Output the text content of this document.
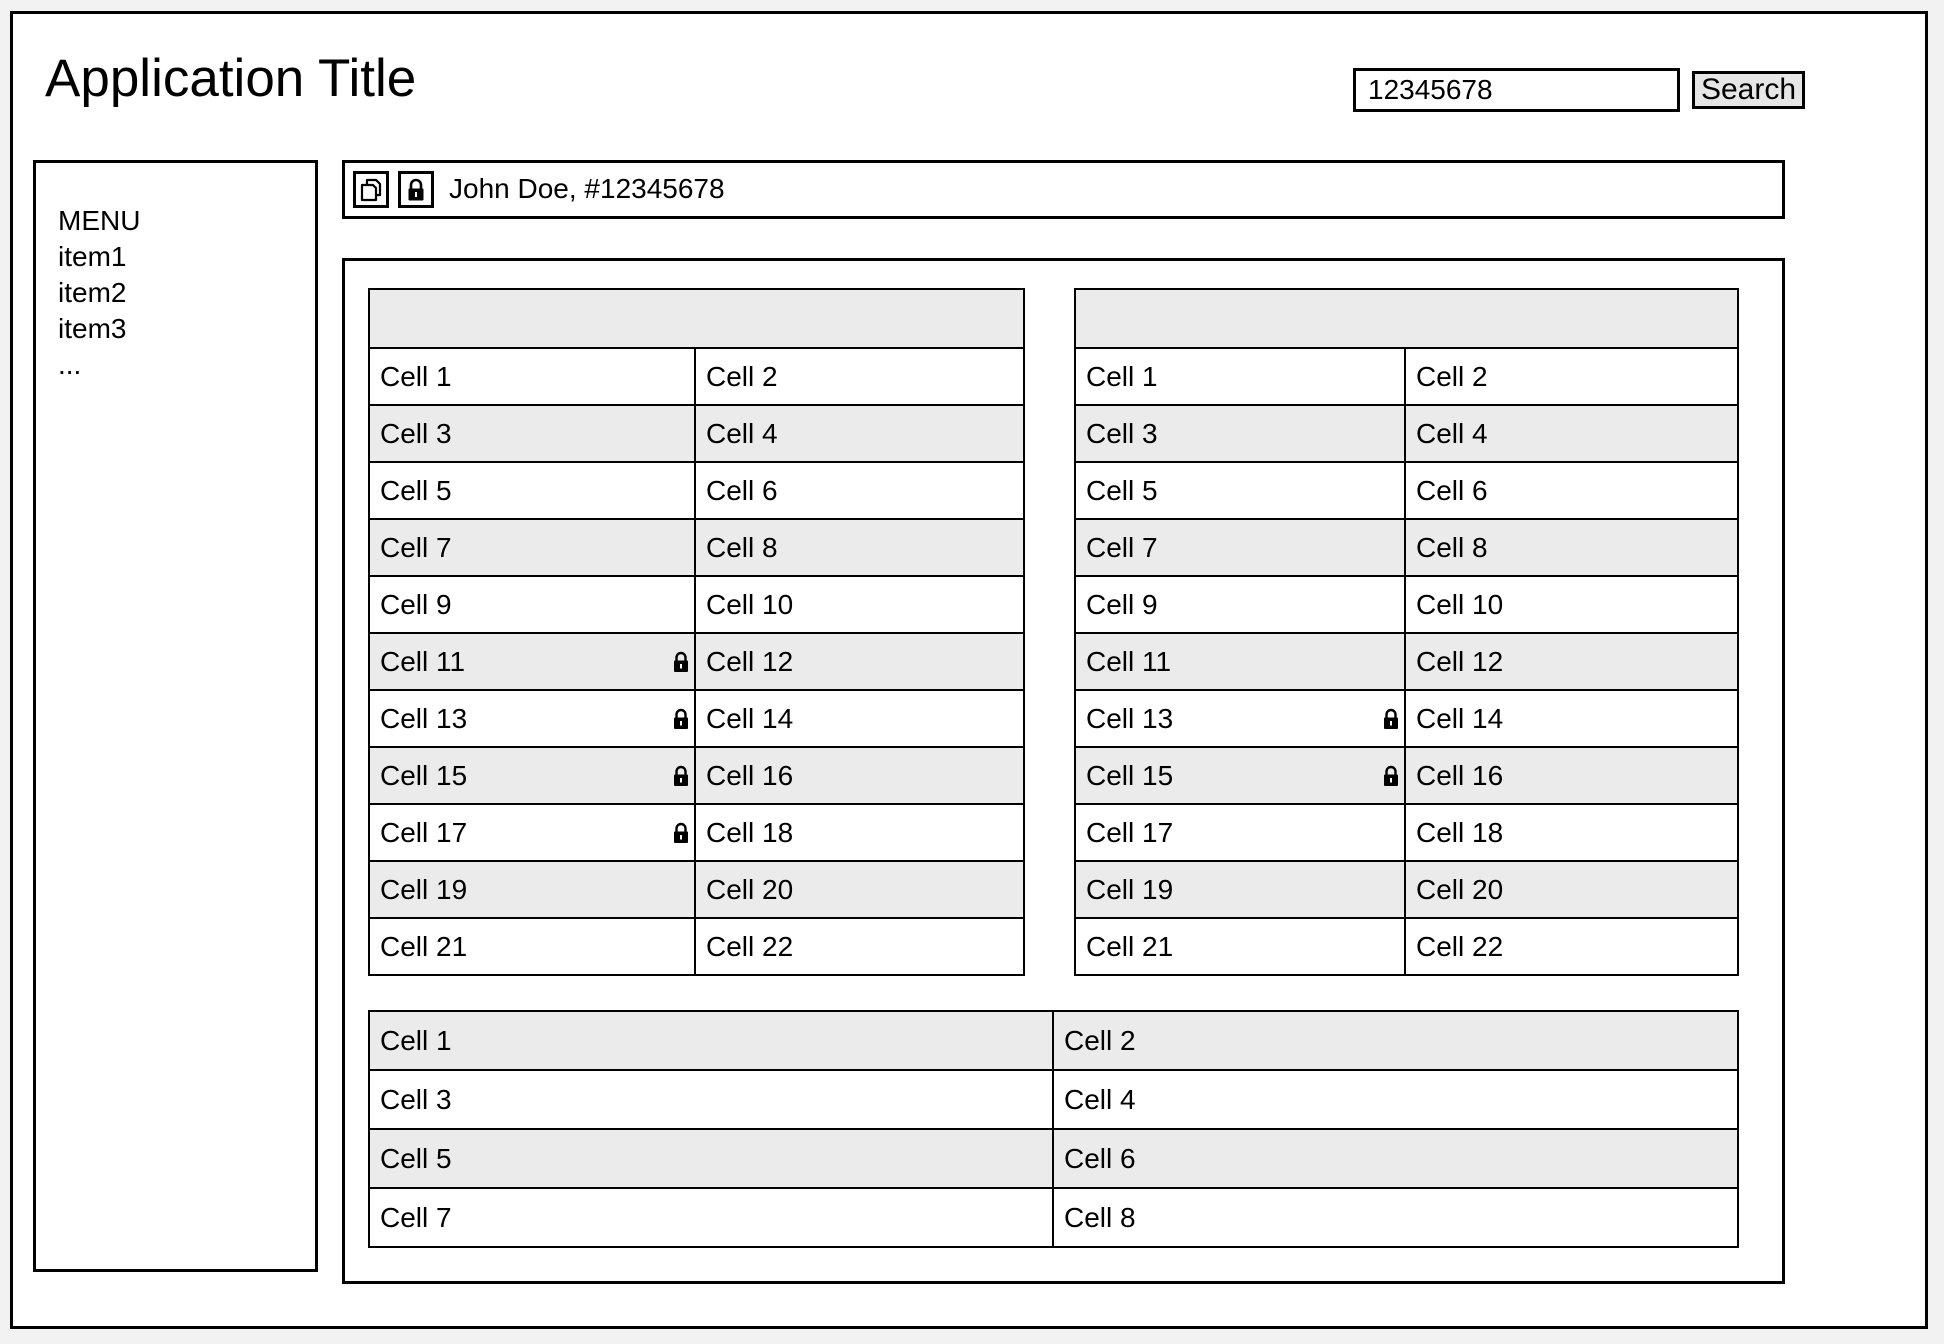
Application Title
12345678	Search
MENU
item1
item2
item3
...
John Doe, #12345678

Cell 1	Cell 2
Cell 3	Cell 4
Cell 5	Cell 6
Cell 7	Cell 8
Cell 9	Cell 10
Cell 11	Cell 12
Cell 13	Cell 14
Cell 15	Cell 16
Cell 17	Cell 18
Cell 19	Cell 20
Cell 21	Cell 22

Cell 1	Cell 2
Cell 3	Cell 4
Cell 5	Cell 6
Cell 7	Cell 8
Cell 9	Cell 10
Cell 11	Cell 12
Cell 13	Cell 14
Cell 15	Cell 16
Cell 17	Cell 18
Cell 19	Cell 20
Cell 21	Cell 22
Cell 1	Cell 2
Cell 3	Cell 4
Cell 5	Cell 6
Cell 7	Cell 8
